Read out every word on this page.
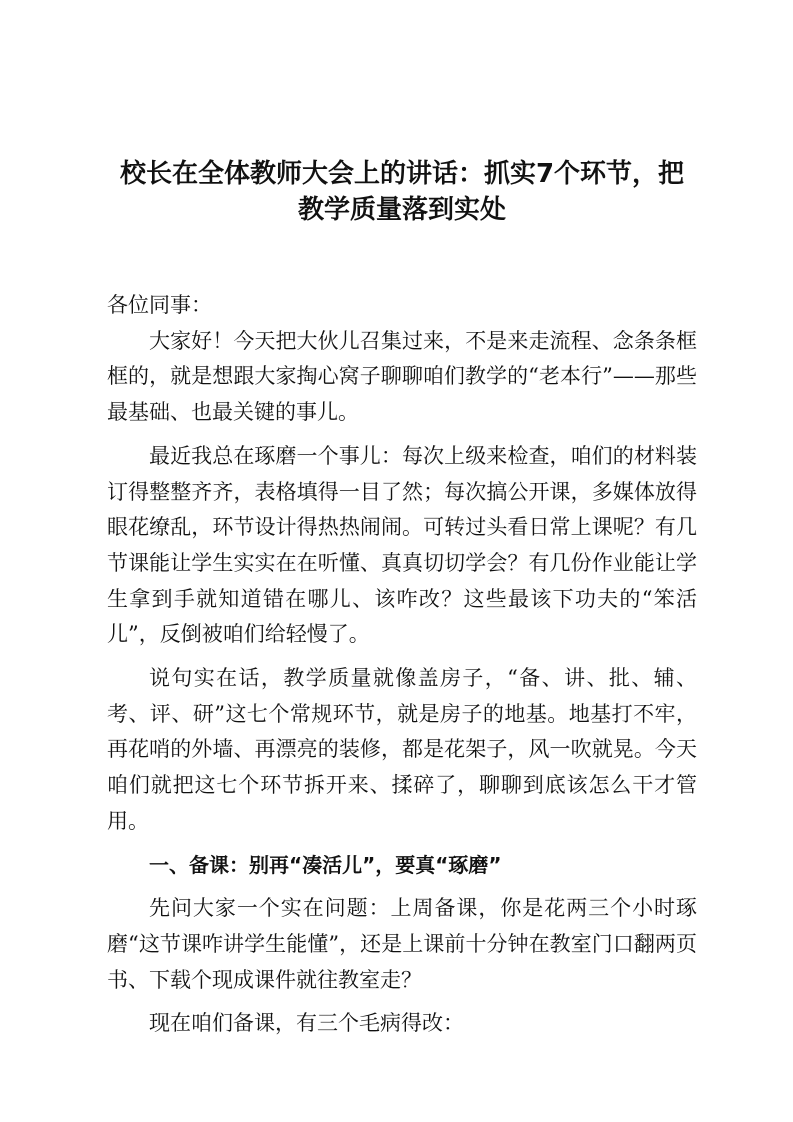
校长在全体教师大会上的讲话：抓实7个环节，把教学质量落到实处
各位同事：

大家好！今天把大伙儿召集过来，不是来走流程、念条条框框的，就是想跟大家掏心窝子聊聊咱们教学的“老本行”——那些最基础、也最关键的事儿。

最近我总在琢磨一个事儿：每次上级来检查，咱们的材料装订得整整齐齐，表格填得一目了然；每次搞公开课，多媒体放得眼花缭乱，环节设计得热热闹闹。可转过头看日常上课呢？有几节课能让学生实实在在听懂、真真切切学会？有几份作业能让学生拿到手就知道错在哪儿、该咋改？这些最该下功夫的“笨活儿”，反倒被咱们给轻慢了。

说句实在话，教学质量就像盖房子，“备、讲、批、辅、考、评、研”这七个常规环节，就是房子的地基。地基打不牢，再花哨的外墙、再漂亮的装修，都是花架子，风一吹就晃。今天咱们就把这七个环节拆开来、揉碎了，聊聊到底该怎么干才管用。

一、备课：别再“凑活儿”，要真“琢磨”

先问大家一个实在问题：上周备课，你是花两三个小时琢磨“这节课咋讲学生能懂”，还是上课前十分钟在教室门口翻两页书、下载个现成课件就往教室走？

现在咱们备课，有三个毛病得改：
